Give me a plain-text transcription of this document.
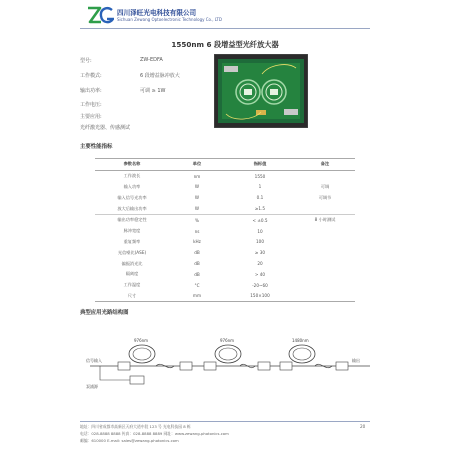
四川泽旺光电科技有限公司
Sichuan Zewang Optoelectronic Technology Co., LTD
1550nm 6 段增益型光纤放大器
型号:	ZW-EDFA
工作模式:	6 段增益脉冲放大
输出功率:	可调 ≥ 1W
工作电压:
主要应用:
光纤激光器、传感测试
主要性能指标
参数名称	单位	指标值	备注
工作波长	nm	1550	
输入功率	W	1	可调
输入信号光功率	W	0.1	可调节
放大后输出功率	W	≥1.5	
输出功率稳定性	%	< ±0.5	8 小时测试
脉冲宽度	ns	10	
重复频率	kHz	100	
光信噪比(ASE)	dB	≥ 30	
偏振消光比	dB	20	
隔离度	dB	> 40	
工作温度	°C	-20~60	
尺寸	mm	150×100	
典型应用光路结构图
976nm	976nm	1480nm
信号输入	输出
泵浦源
地址：四川省成都市高新区天府大道中段 123 号 光电科技园 8 栋
电话：028-8888 8888 传真：028-8888 8889 网址：www.zewang-photonics.com
邮编：610000 E-mail: sales@zewang-photonics.com
20
